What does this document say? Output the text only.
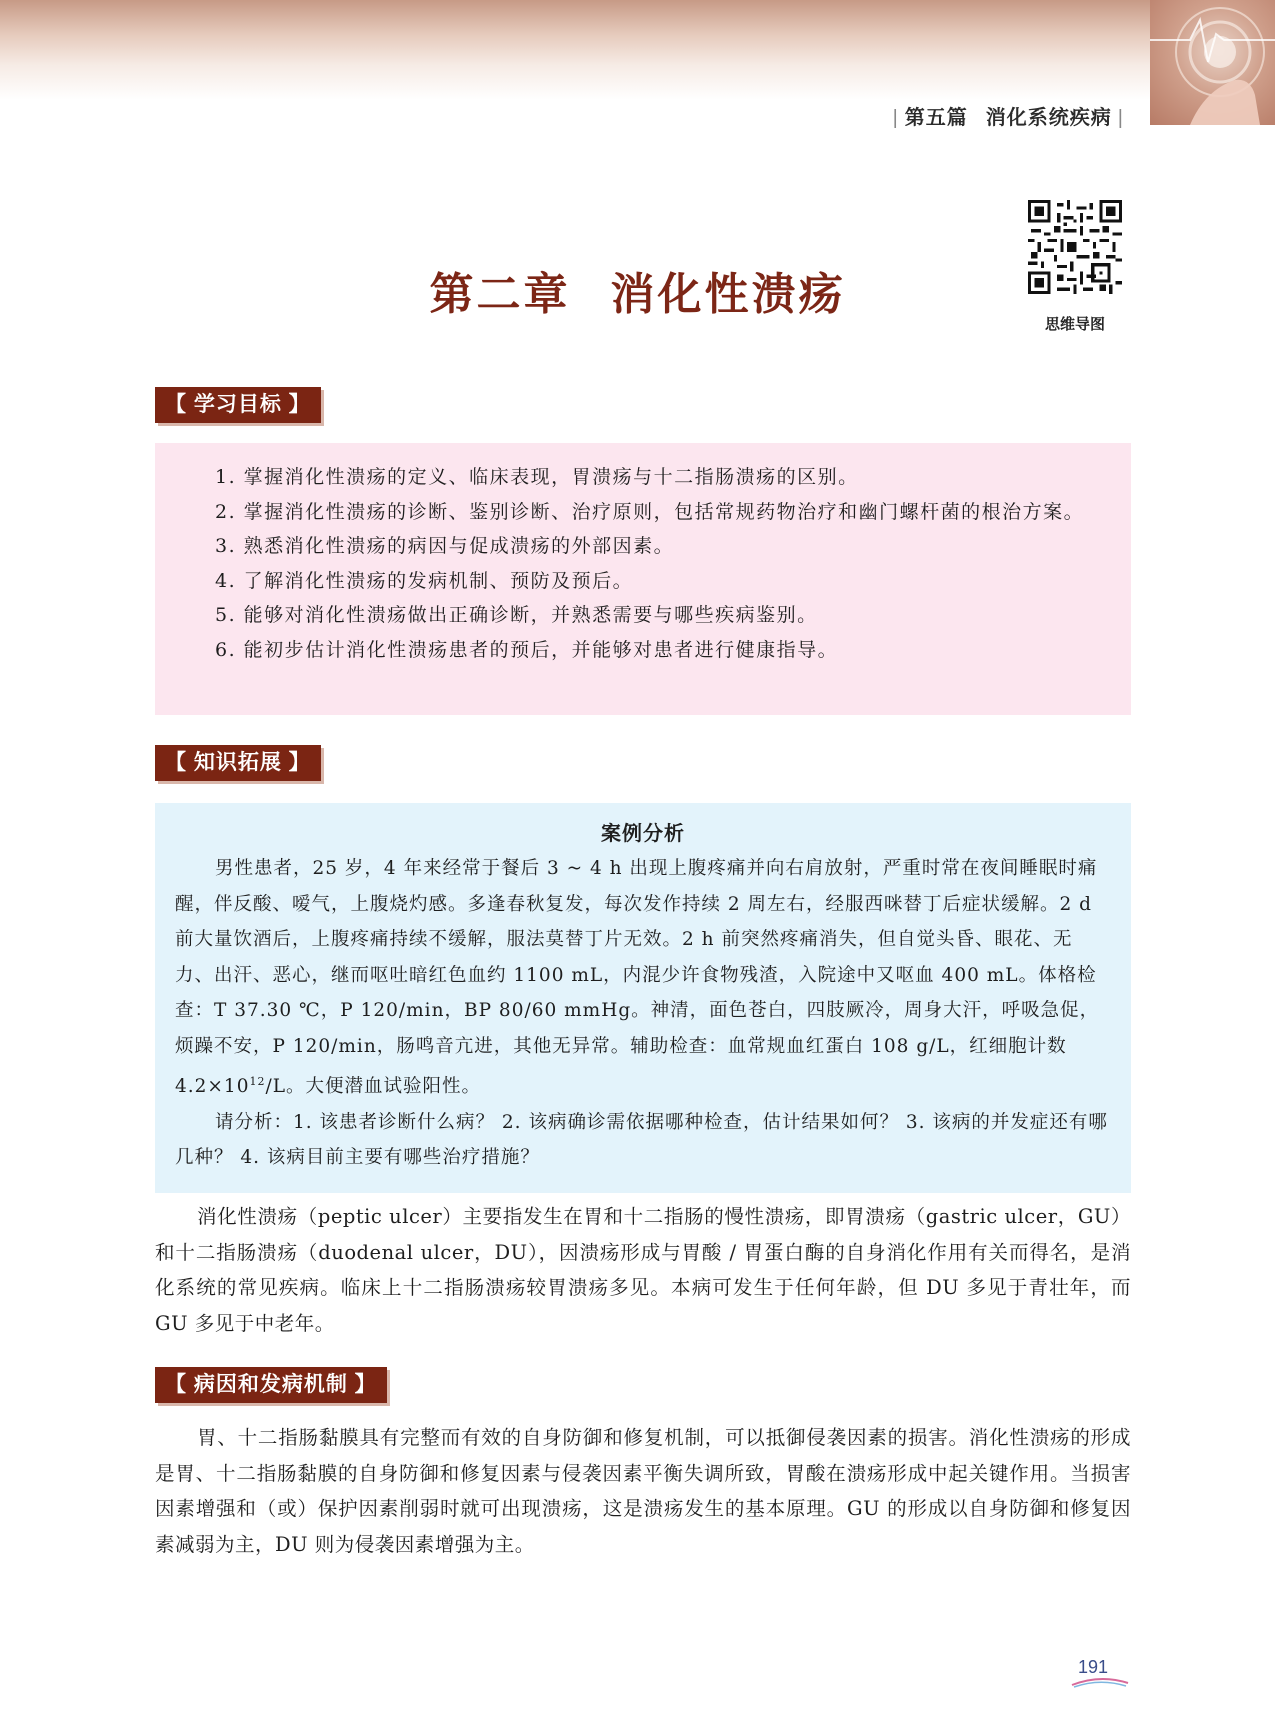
| 第五篇 消化系统疾病 |
第二章 消化性溃疡
思维导图
【 学习目标 】

1. 掌握消化性溃疡的定义、临床表现，胃溃疡与十二指肠溃疡的区别。

2. 掌握消化性溃疡的诊断、鉴别诊断、治疗原则，包括常规药物治疗和幽门螺杆菌的根治方案。

3. 熟悉消化性溃疡的病因与促成溃疡的外部因素。

4. 了解消化性溃疡的发病机制、预防及预后。

5. 能够对消化性溃疡做出正确诊断，并熟悉需要与哪些疾病鉴别。

6. 能初步估计消化性溃疡患者的预后，并能够对患者进行健康指导。

【 知识拓展 】

案例分析

男性患者，25 岁，4 年来经常于餐后 3 ~ 4 h 出现上腹疼痛并向右肩放射，严重时常在夜间睡眠时痛醒，伴反酸、嗳气，上腹烧灼感。多逢春秋复发，每次发作持续 2 周左右，经服西咪替丁后症状缓解。2 d 前大量饮酒后，上腹疼痛持续不缓解，服法莫替丁片无效。2 h 前突然疼痛消失，但自觉头昏、眼花、无力、出汗、恶心，继而呕吐暗红色血约 1100 mL，内混少许食物残渣，入院途中又呕血 400 mL。体格检查：T 37.30 ℃，P 120/min，BP 80/60 mmHg。神清，面色苍白，四肢厥冷，周身大汗，呼吸急促，烦躁不安，P 120/min，肠鸣音亢进，其他无异常。辅助检查：血常规血红蛋白 108 g/L，红细胞计数 $4.2\times 10^{12}/L$。大便潜血试验阳性。

请分析：1. 该患者诊断什么病？ 2. 该病确诊需依据哪种检查，估计结果如何？ 3. 该病的并发症还有哪几种？ 4. 该病目前主要有哪些治疗措施？

消化性溃疡（peptic ulcer）主要指发生在胃和十二指肠的慢性溃疡，即胃溃疡（gastric ulcer，GU）和十二指肠溃疡（duodenal ulcer，DU），因溃疡形成与胃酸 / 胃蛋白酶的自身消化作用有关而得名，是消化系统的常见疾病。临床上十二指肠溃疡较胃溃疡多见。本病可发生于任何年龄，但 DU 多见于青壮年，而 GU 多见于中老年。

【 病因和发病机制 】

胃、十二指肠黏膜具有完整而有效的自身防御和修复机制，可以抵御侵袭因素的损害。消化性溃疡的形成是胃、十二指肠黏膜的自身防御和修复因素与侵袭因素平衡失调所致，胃酸在溃疡形成中起关键作用。当损害因素增强和（或）保护因素削弱时就可出现溃疡，这是溃疡发生的基本原理。GU 的形成以自身防御和修复因素减弱为主，DU 则为侵袭因素增强为主。

191
